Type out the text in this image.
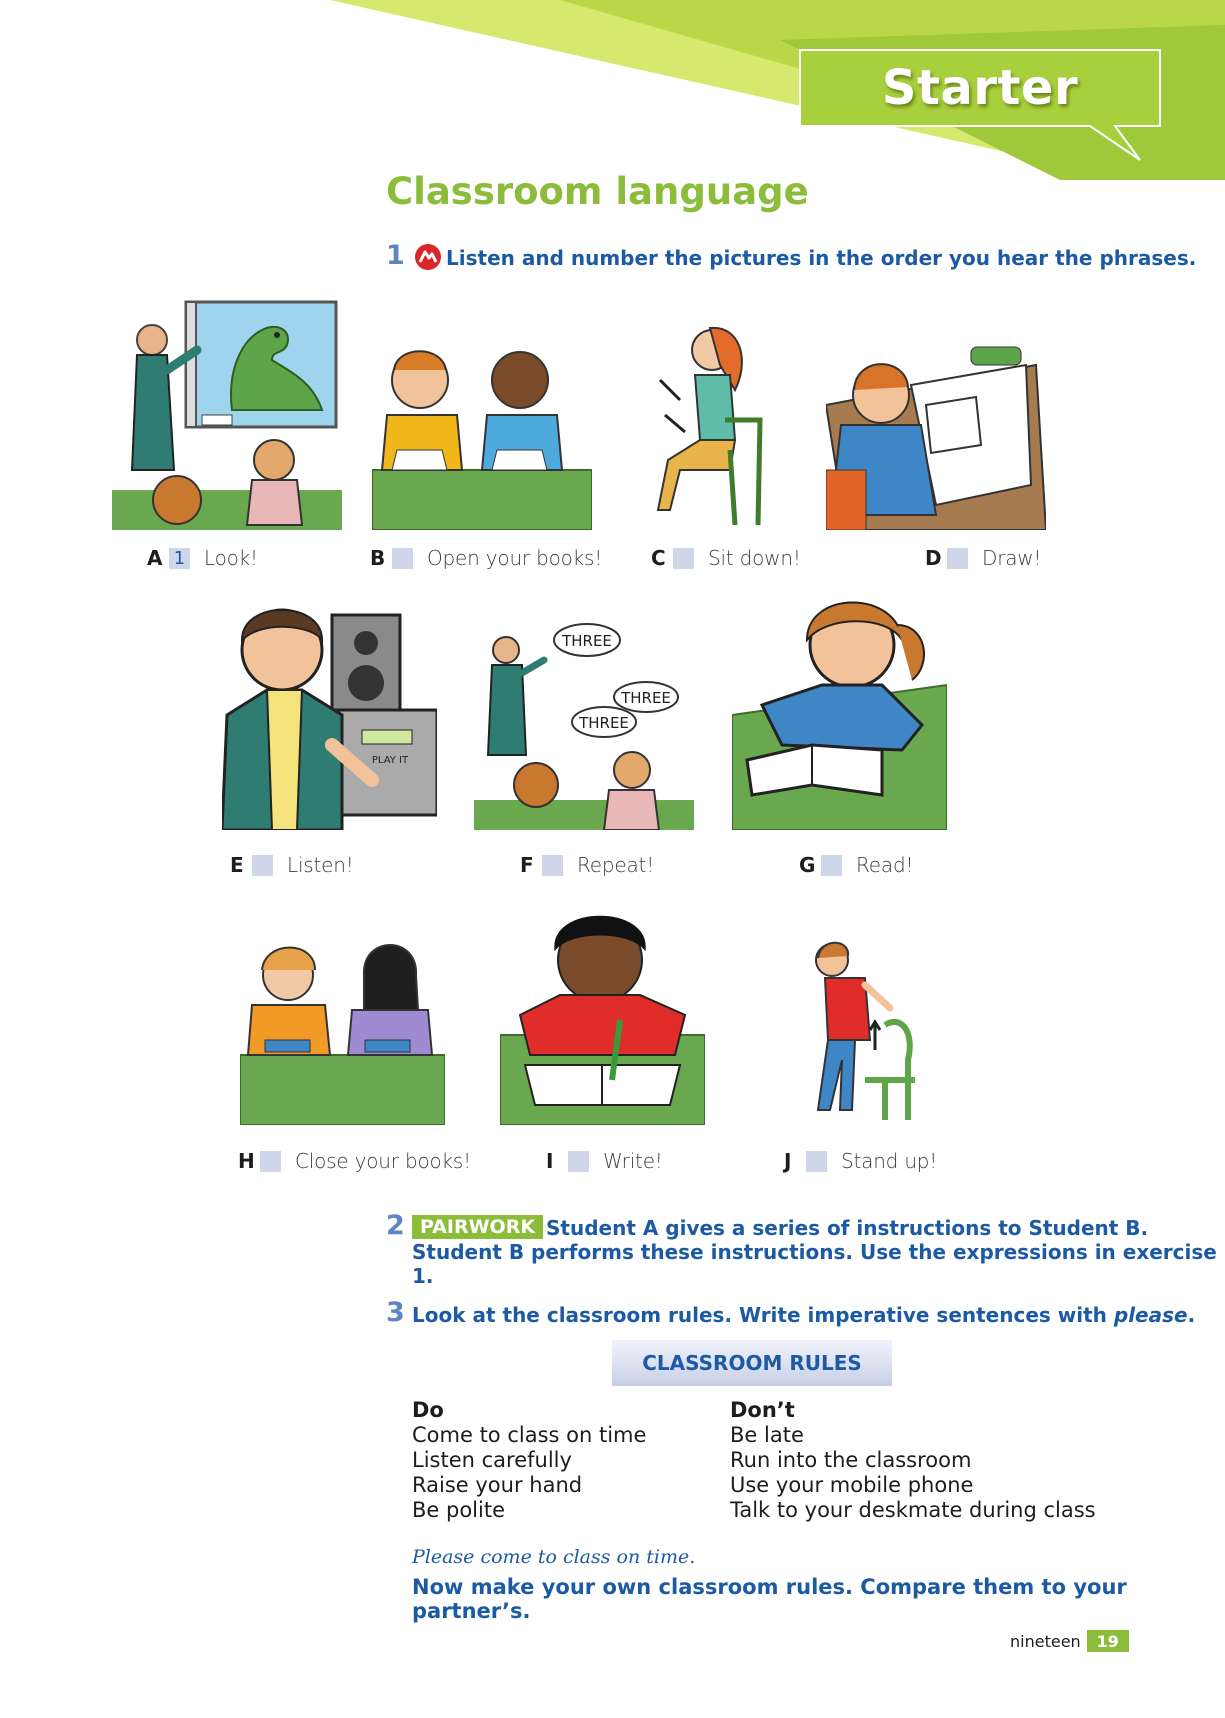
Starter
Classroom language
1 Listen and number the pictures in the order you hear the phrases.
A 1 Look!	B	Open your books! C	Sit down!	D Draw!
PLAY IT
THREE
THREE
THREE
E	Listen!	F	Repeat!	G Read!
H Close your books!	I	Write!	J	Stand up!
2 PAIRWORK Student A gives a series of instructions to Student B.
Student B performs these instructions. Use the expressions in exercise 1.
3 Look at the classroom rules. Write imperative sentences with please.
CLASSROOM RULES
Do
Come to class on time
Listen carefully
Raise your hand
Be polite
Don’t
Be late
Run into the classroom
Use your mobile phone
Talk to your deskmate during class
Please come to class on time.
Now make your own classroom rules. Compare them to your partner’s.
nineteen 19
